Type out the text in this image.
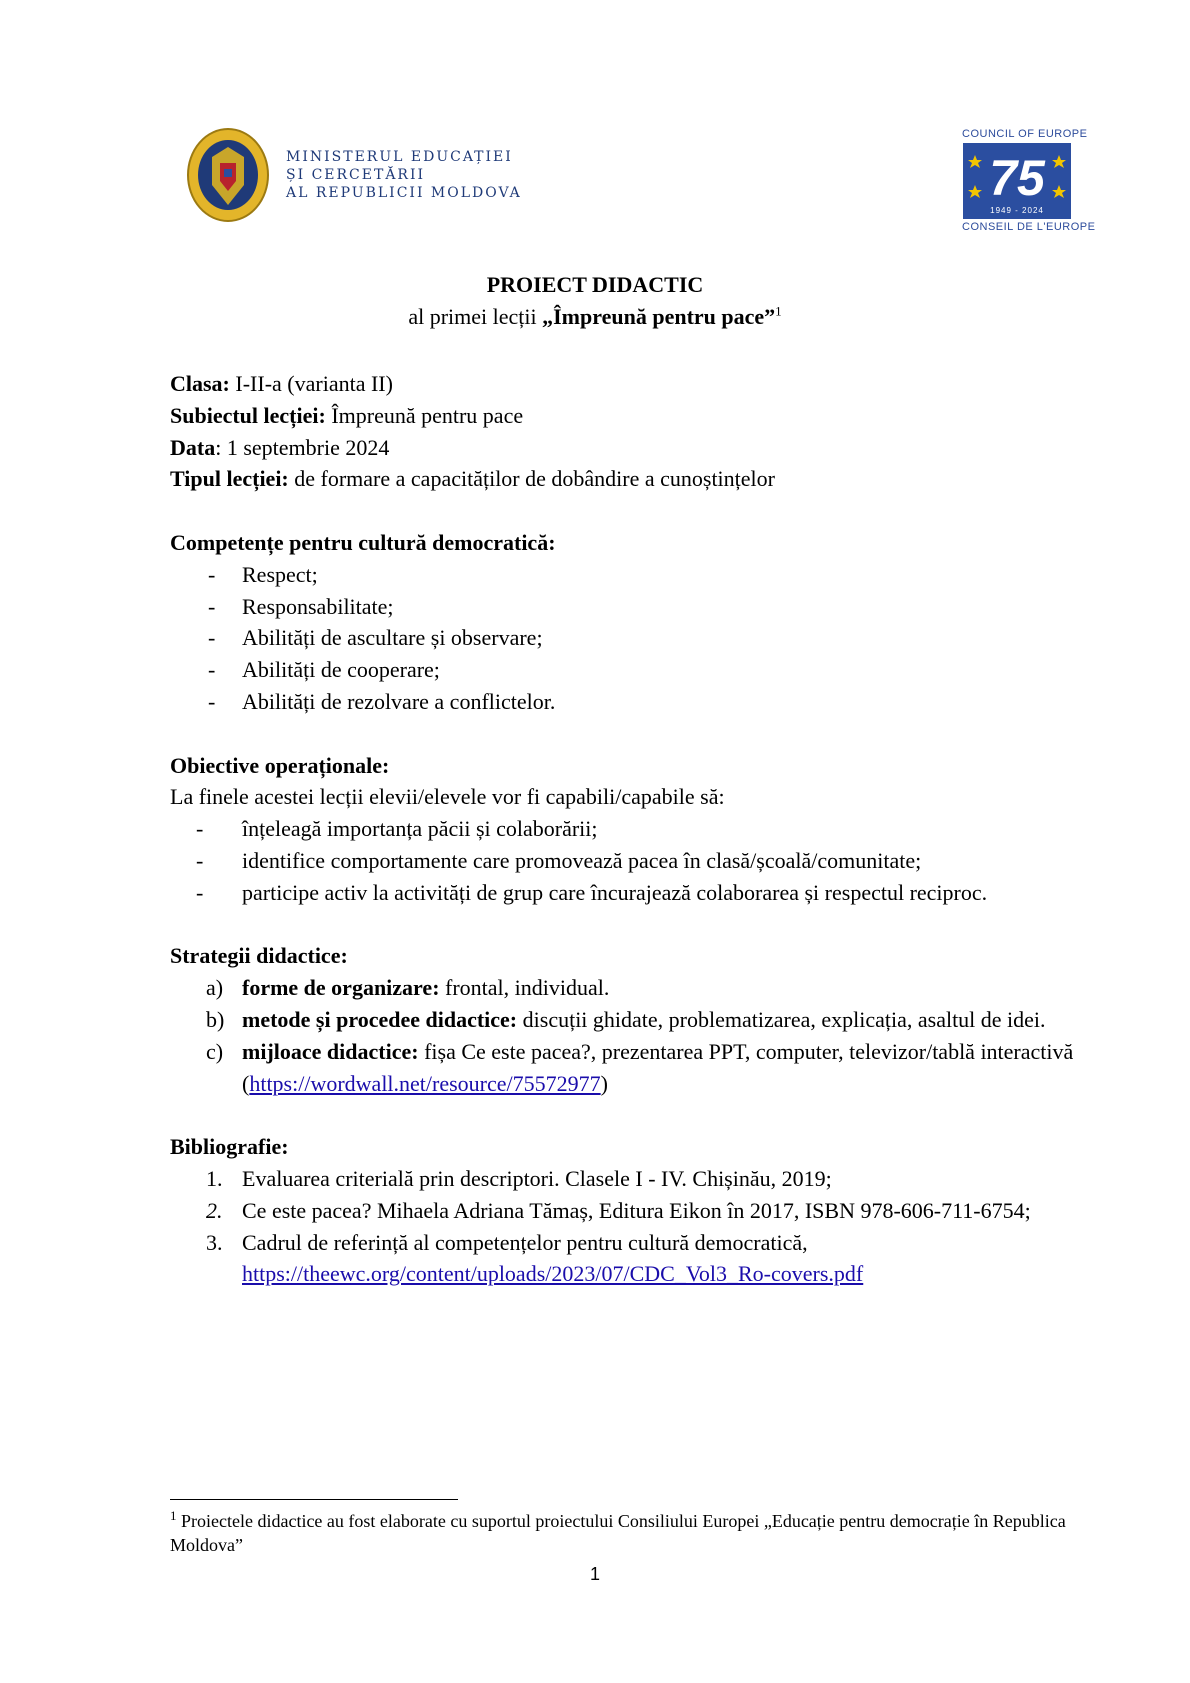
MINISTERUL EDUCAȚIEI
ȘI CERCETĂRII
AL REPUBLICII MOLDOVA
COUNCIL OF EUROPE
75
1949 - 2024
CONSEIL DE L'EUROPE
PROIECT DIDACTIC
al primei lecții „Împreună pentru pace”$^1$
Clasa: I-II-a (varianta II)
Subiectul lecției: Împreună pentru pace
Data: 1 septembrie 2024
Tipul lecției: de formare a capacităților de dobândire a cunoștințelor
Competențe pentru cultură democratică:
- Respect;
- Responsabilitate;
- Abilități de ascultare și observare;
- Abilități de cooperare;
- Abilități de rezolvare a conflictelor.
Obiective operaționale:
La finele acestei lecții elevii/elevele vor fi capabili/capabile să:
- înțeleagă importanța păcii și colaborării;
- identifice comportamente care promovează pacea în clasă/școală/comunitate;
- participe activ la activități de grup care încurajează colaborarea și respectul reciproc.
Strategii didactice:
a) forme de organizare: frontal, individual.
b) metode și procedee didactice: discuții ghidate, problematizarea, explicația, asaltul de idei.
c) mijloace didactice: fișa Ce este pacea?, prezentarea PPT, computer, televizor/tablă interactivă (https://wordwall.net/resource/75572977)
Bibliografie:
1. Evaluarea criterială prin descriptori. Clasele I - IV. Chișinău, 2019;
2. Ce este pacea? Mihaela Adriana Tămaș, Editura Eikon în 2017, ISBN 978-606-711-6754;
3. Cadrul de referință al competențelor pentru cultură democratică,
https://theewc.org/content/uploads/2023/07/CDC_Vol3_Ro-covers.pdf
$^1$ Proiectele didactice au fost elaborate cu suportul proiectului Consiliului Europei „Educație pentru democrație în Republica Moldova”
1
